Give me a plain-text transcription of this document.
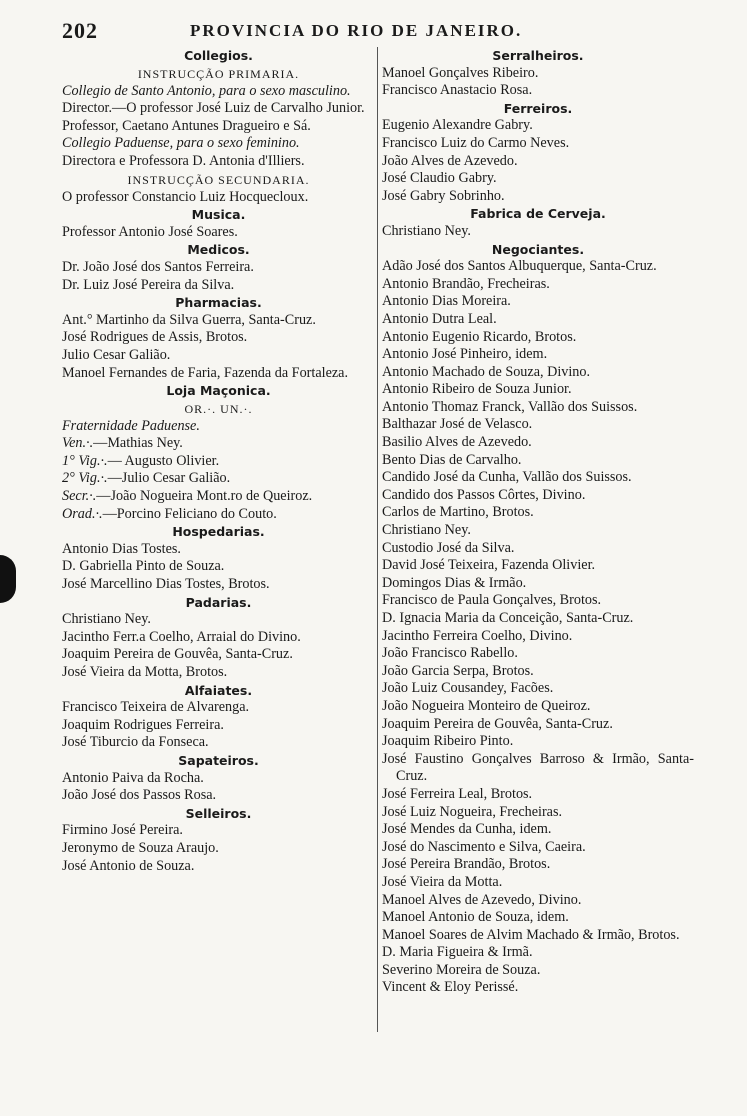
202	PROVINCIA DO RIO DE JANEIRO.
Collegios.
INSTRUCÇÃO PRIMARIA.
Collegio de Santo Antonio, para o sexo masculino.
Director.—O professor José Luiz de Carvalho Junior.
Professor, Caetano Antunes Dragueiro e Sá.
Collegio Paduense, para o sexo feminino.
Directora e Professora D. Antonia d'Illiers.
INSTRUCÇÃO SECUNDARIA.
O professor Constancio Luiz Hocquecloux.
Musica.
Professor Antonio José Soares.
Medicos.
Dr. João José dos Santos Ferreira.
Dr. Luiz José Pereira da Silva.
Pharmacias.
Ant.° Martinho da Silva Guerra, Santa-Cruz.
José Rodrigues de Assis, Brotos.
Julio Cesar Galião.
Manoel Fernandes de Faria, Fazenda da Fortaleza.
Loja Maçonica.
OR.·. UN.·.
Fraternidade Paduense.
Ven.·.—Mathias Ney.
1° Vig.·.— Augusto Olivier.
2° Vig.·.—Julio Cesar Galião.
Secr.·.—João Nogueira Mont.ro de Queiroz.
Orad.·.—Porcino Feliciano do Couto.
Hospedarias.
Antonio Dias Tostes.
D. Gabriella Pinto de Souza.
José Marcellino Dias Tostes, Brotos.
Padarias.
Christiano Ney.
Jacintho Ferr.a Coelho, Arraial do Divino.
Joaquim Pereira de Gouvêa, Santa-Cruz.
José Vieira da Motta, Brotos.
Alfaiates.
Francisco Teixeira de Alvarenga.
Joaquim Rodrigues Ferreira.
José Tiburcio da Fonseca.
Sapateiros.
Antonio Paiva da Rocha.
João José dos Passos Rosa.
Selleiros.
Firmino José Pereira.
Jeronymo de Souza Araujo.
José Antonio de Souza.
Serralheiros.
Manoel Gonçalves Ribeiro.
Francisco Anastacio Rosa.
Ferreiros.
Eugenio Alexandre Gabry.
Francisco Luiz do Carmo Neves.
João Alves de Azevedo.
José Claudio Gabry.
José Gabry Sobrinho.
Fabrica de Cerveja.
Christiano Ney.
Negociantes.
Adão José dos Santos Albuquerque, Santa-Cruz.
Antonio Brandão, Frecheiras.
Antonio Dias Moreira.
Antonio Dutra Leal.
Antonio Eugenio Ricardo, Brotos.
Antonio José Pinheiro, idem.
Antonio Machado de Souza, Divino.
Antonio Ribeiro de Souza Junior.
Antonio Thomaz Franck, Vallão dos Suissos.
Balthazar José de Velasco.
Basilio Alves de Azevedo.
Bento Dias de Carvalho.
Candido José da Cunha, Vallão dos Suissos.
Candido dos Passos Côrtes, Divino.
Carlos de Martino, Brotos.
Christiano Ney.
Custodio José da Silva.
David José Teixeira, Fazenda Olivier.
Domingos Dias & Irmão.
Francisco de Paula Gonçalves, Brotos.
D. Ignacia Maria da Conceição, Santa-Cruz.
Jacintho Ferreira Coelho, Divino.
João Francisco Rabello.
João Garcia Serpa, Brotos.
João Luiz Cousandey, Facões.
João Nogueira Monteiro de Queiroz.
Joaquim Pereira de Gouvêa, Santa-Cruz.
Joaquim Ribeiro Pinto.
José Faustino Gonçalves Barroso & Irmão, Santa-Cruz.
José Ferreira Leal, Brotos.
José Luiz Nogueira, Frecheiras.
José Mendes da Cunha, idem.
José do Nascimento e Silva, Caeira.
José Pereira Brandão, Brotos.
José Vieira da Motta.
Manoel Alves de Azevedo, Divino.
Manoel Antonio de Souza, idem.
Manoel Soares de Alvim Machado & Irmão, Brotos.
D. Maria Figueira & Irmã.
Severino Moreira de Souza.
Vincent & Eloy Perissé.
